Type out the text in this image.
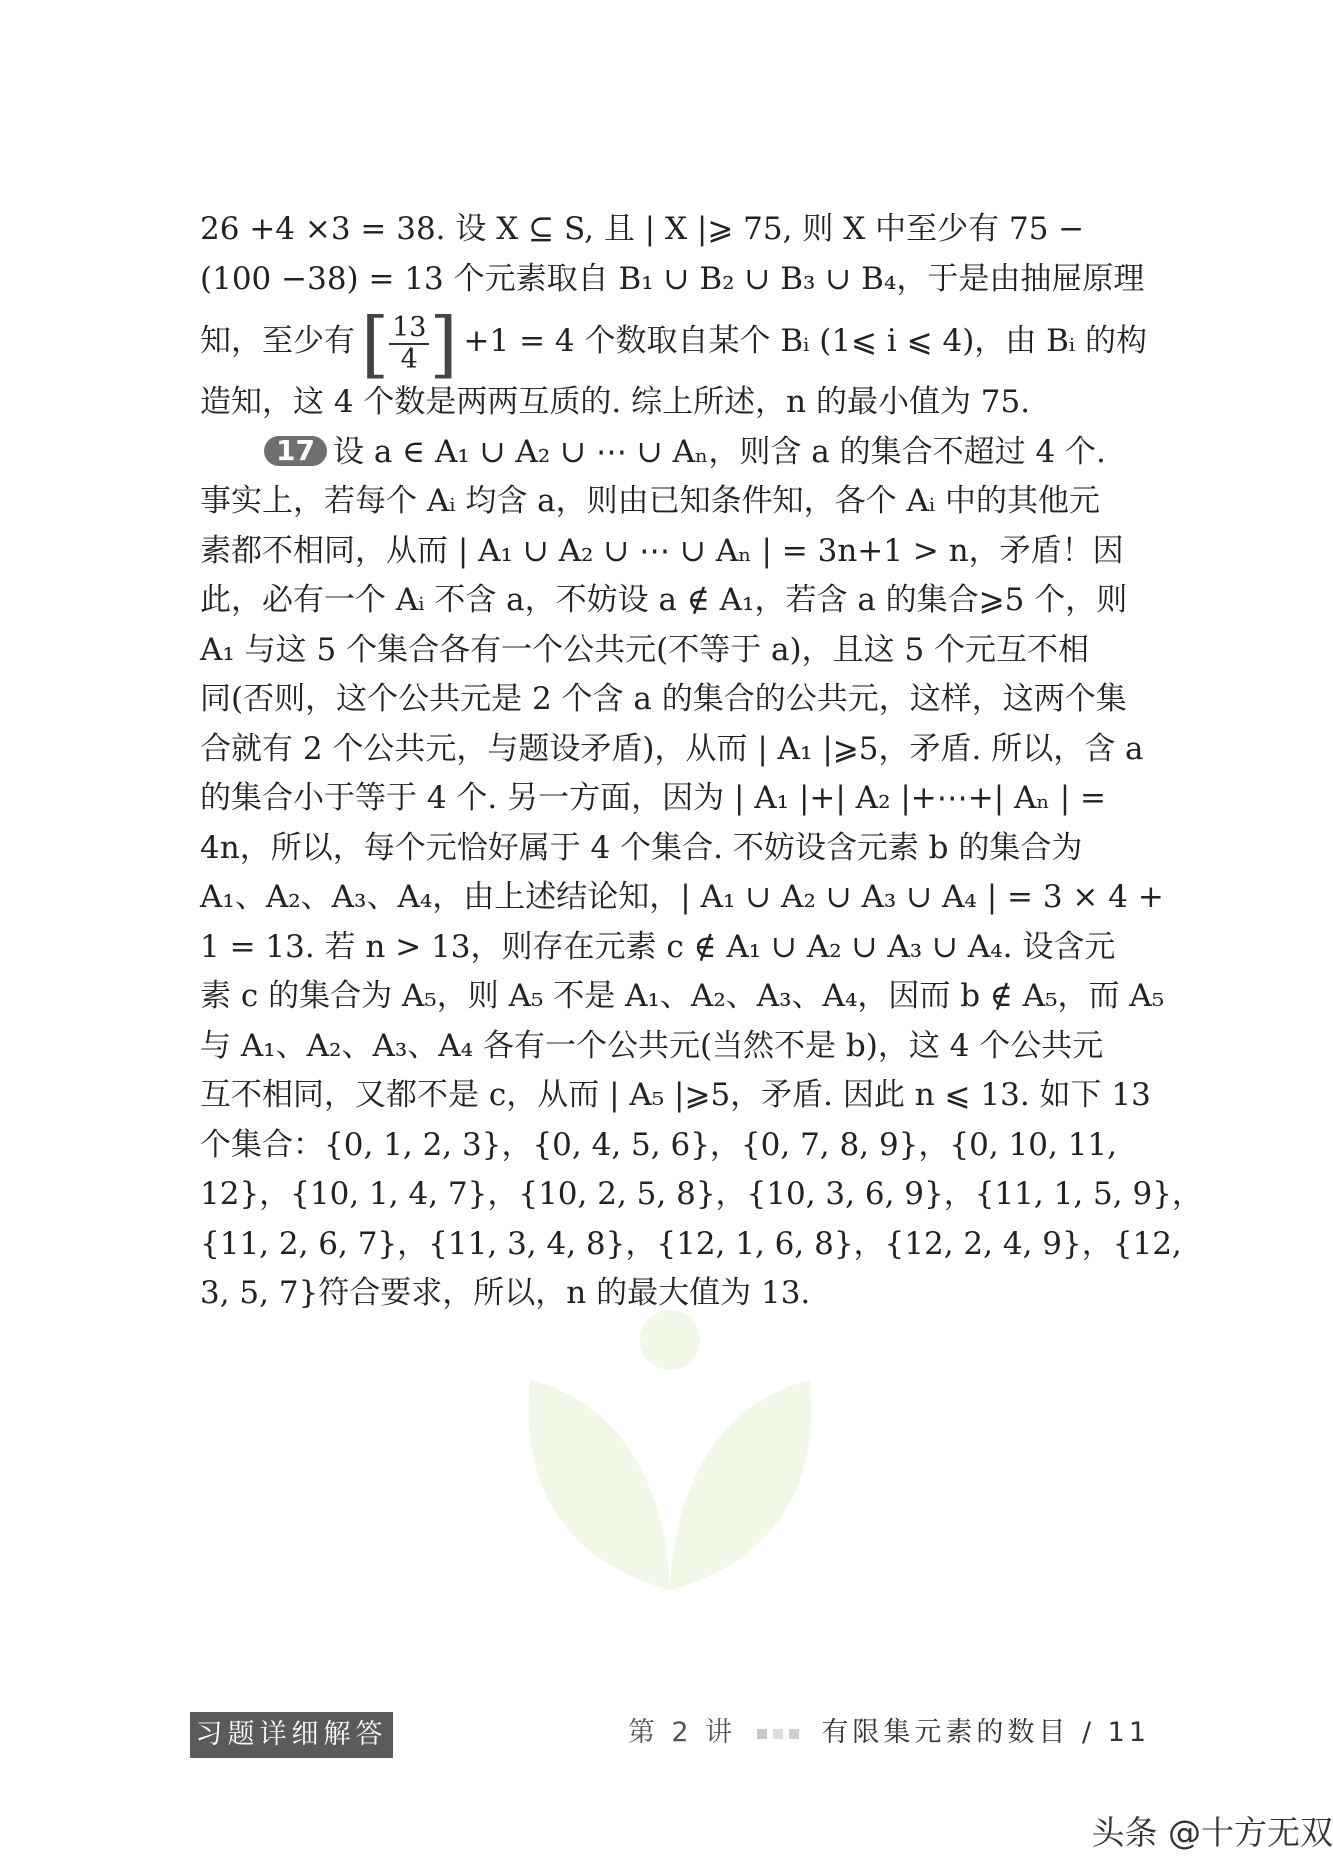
26 +4 ×3 = 38. 设 X ⊆ S, 且 | X |⩾ 75, 则 X 中至少有 75 −
(100 −38) = 13 个元素取自 B₁ ∪ B₂ ∪ B₃ ∪ B₄，于是由抽屉原理
知，至少有[ $\frac{13}{4}$ ] +1 = 4 个数取自某个 Bᵢ (1⩽ i ⩽ 4)，由 Bᵢ 的构
造知，这 4 个数是两两互质的. 综上所述，n 的最小值为 75.
17 设 a ∈ A₁ ∪ A₂ ∪ ⋯ ∪ Aₙ，则含 a 的集合不超过 4 个.
事实上，若每个 Aᵢ 均含 a，则由已知条件知，各个 Aᵢ 中的其他元
素都不相同，从而 | A₁ ∪ A₂ ∪ ⋯ ∪ Aₙ | = 3n+1 > n，矛盾！因
此，必有一个 Aᵢ 不含 a，不妨设 a ∉ A₁，若含 a 的集合⩾5 个，则
A₁ 与这 5 个集合各有一个公共元(不等于 a)，且这 5 个元互不相
同(否则，这个公共元是 2 个含 a 的集合的公共元，这样，这两个集
合就有 2 个公共元，与题设矛盾)，从而 | A₁ |⩾5，矛盾. 所以，含 a
的集合小于等于 4 个. 另一方面，因为 | A₁ |+| A₂ |+⋯+| Aₙ | =
4n，所以，每个元恰好属于 4 个集合. 不妨设含元素 b 的集合为
A₁、A₂、A₃、A₄，由上述结论知，| A₁ ∪ A₂ ∪ A₃ ∪ A₄ | = 3 × 4 +
1 = 13. 若 n > 13，则存在元素 c ∉ A₁ ∪ A₂ ∪ A₃ ∪ A₄. 设含元
素 c 的集合为 A₅，则 A₅ 不是 A₁、A₂、A₃、A₄，因而 b ∉ A₅，而 A₅
与 A₁、A₂、A₃、A₄ 各有一个公共元(当然不是 b)，这 4 个公共元
互不相同，又都不是 c，从而 | A₅ |⩾5，矛盾. 因此 n ⩽ 13. 如下 13
个集合：{0, 1, 2, 3}，{0, 4, 5, 6}，{0, 7, 8, 9}，{0, 10, 11,
12}，{10, 1, 4, 7}，{10, 2, 5, 8}，{10, 3, 6, 9}，{11, 1, 5, 9}，
{11, 2, 6, 7}，{11, 3, 4, 8}，{12, 1, 6, 8}，{12, 2, 4, 9}，{12,
3, 5, 7}符合要求，所以，n 的最大值为 13.
习题详细解答	第 2 讲	有限集元素的数目 / 11
头条 @十方无双
